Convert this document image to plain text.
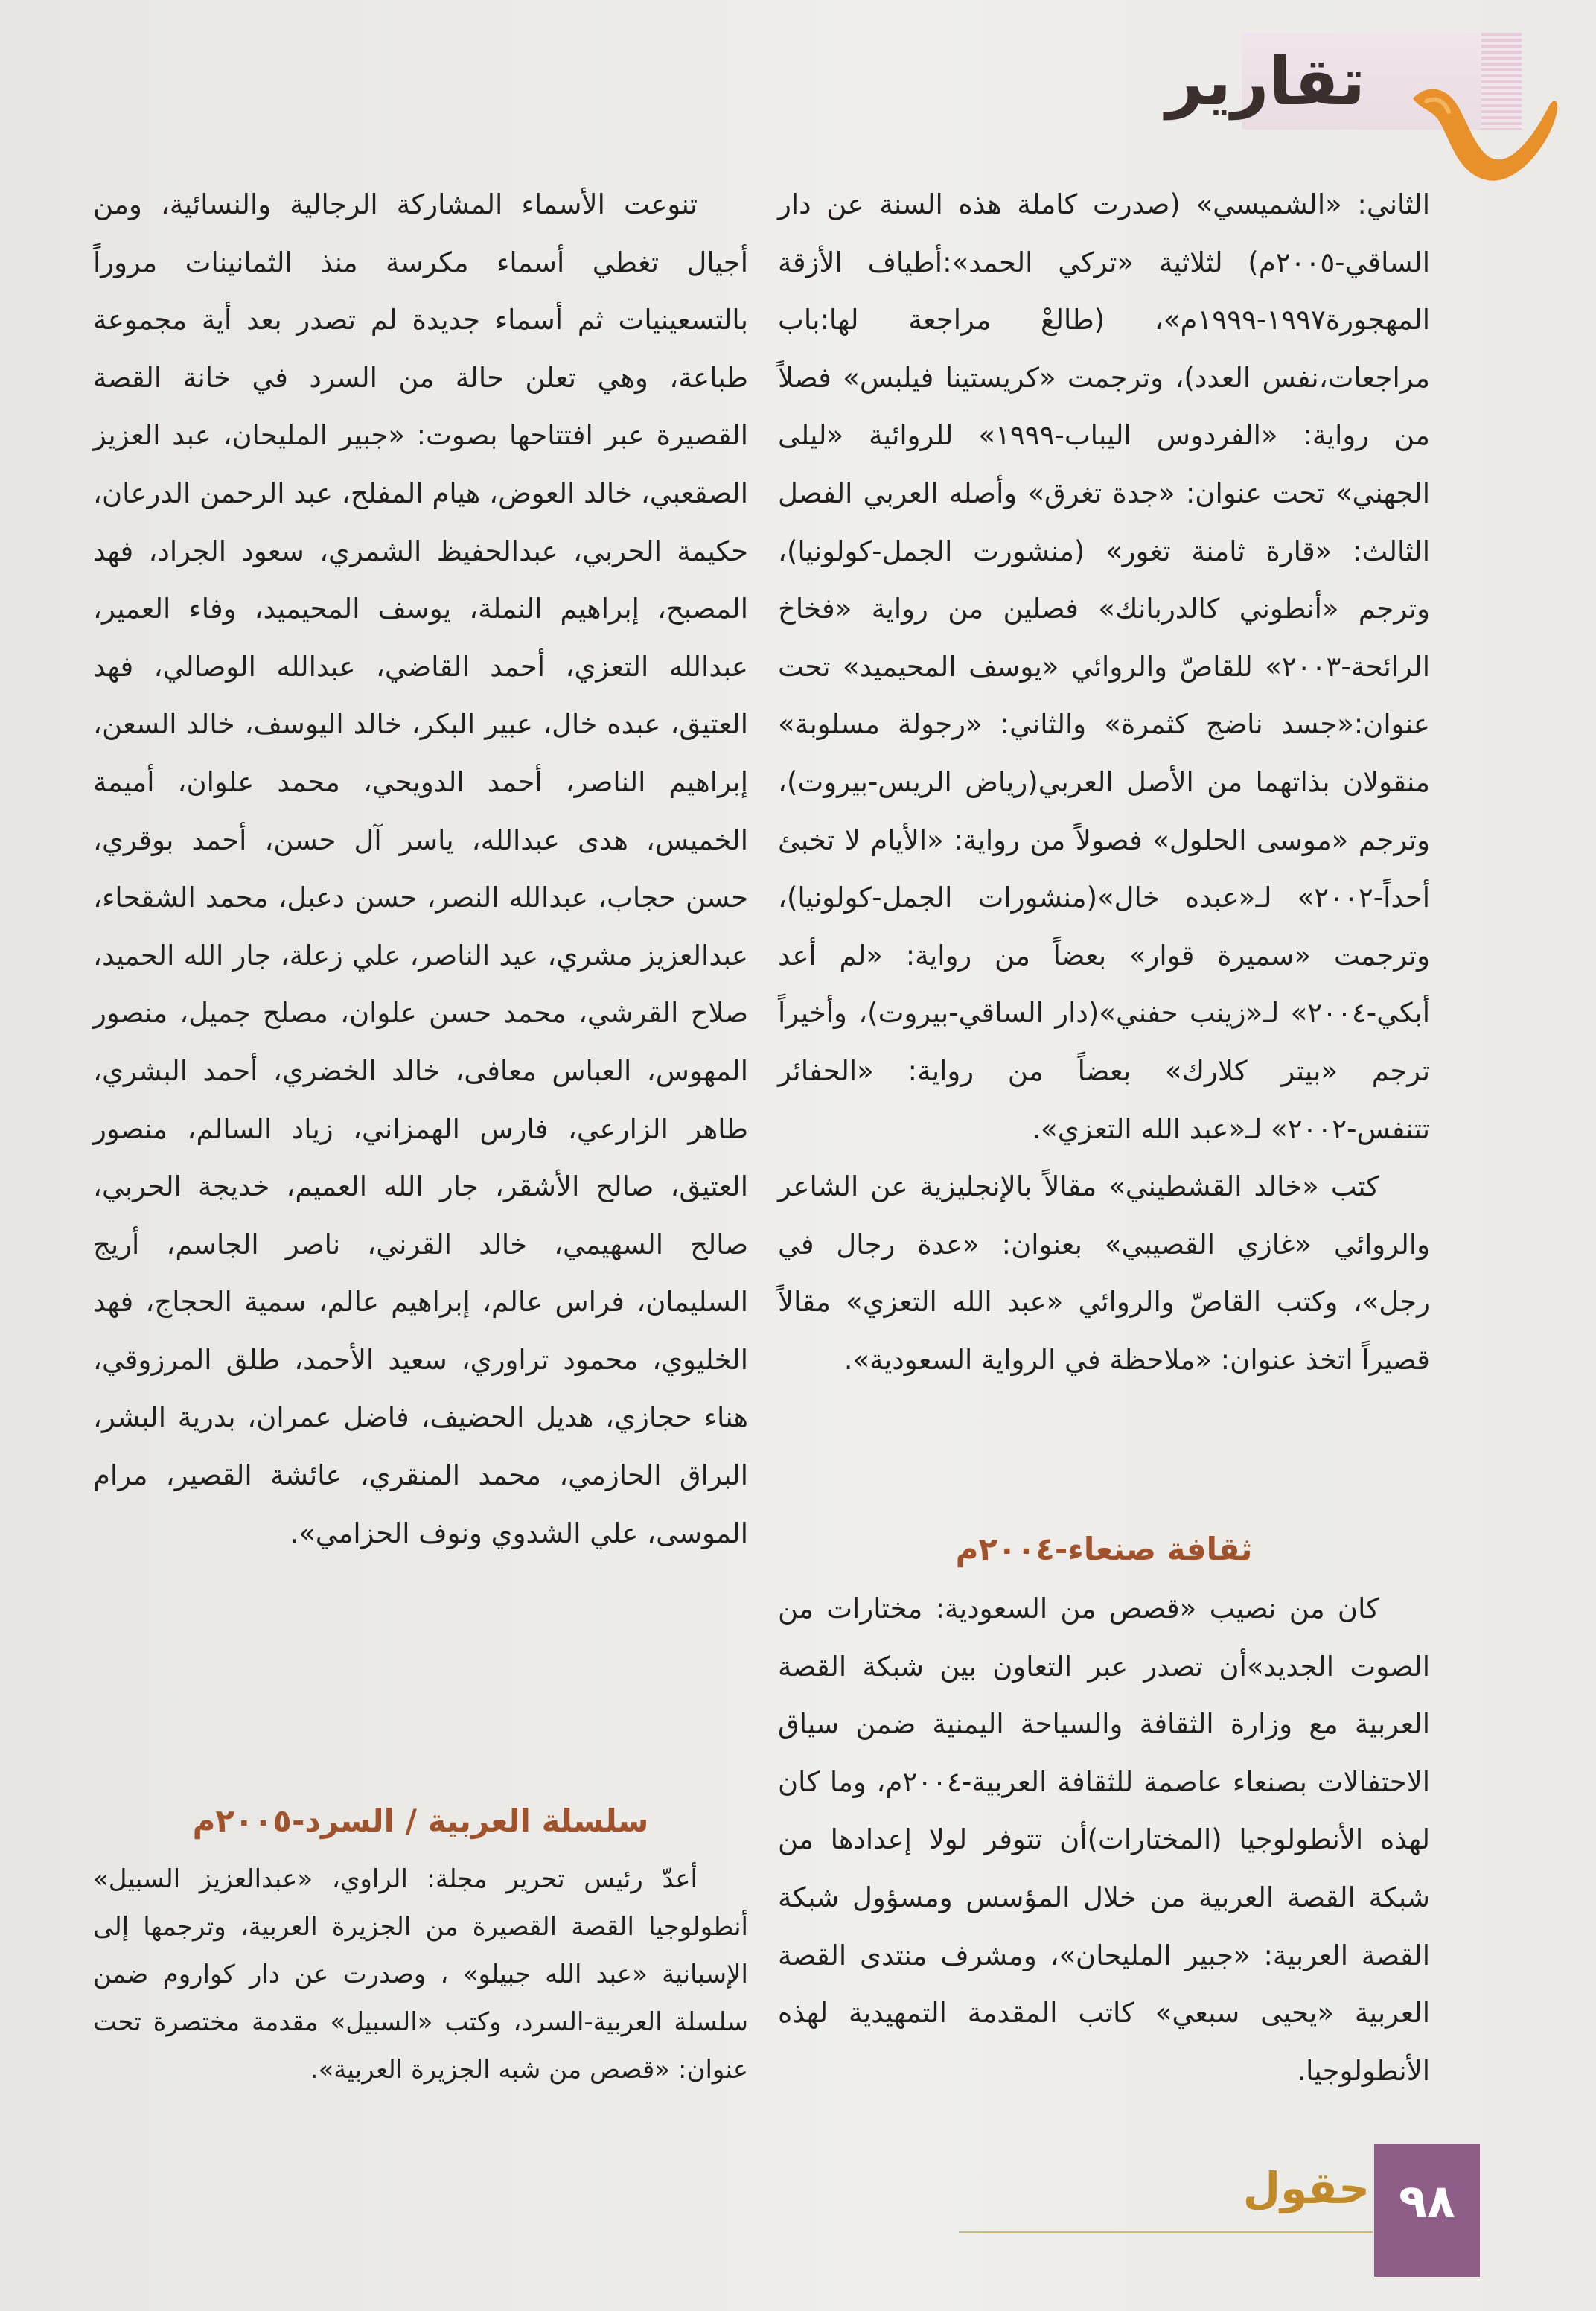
تقارير

الثاني: «الشميسي» (صدرت كاملة هذه السنة عن دار الساقي-٢٠٠٥م) لثلاثية «تركي الحمد»:أطياف الأزقة المهجورة١٩٩٧-١٩٩٩م»، (طالعْ مراجعة لها:باب مراجعات،نفس العدد)، وترجمت «كريستينا فيلبس» فصلاً من رواية: «الفردوس اليباب-١٩٩٩» للروائية «ليلى الجهني» تحت عنوان: «جدة تغرق» وأصله العربي الفصل الثالث: «قارة ثامنة تغور» (منشورت الجمل-كولونيا)، وترجم «أنطوني كالدربانك» فصلين من رواية «فخاخ الرائحة-٢٠٠٣» للقاصّ والروائي «يوسف المحيميد» تحت عنوان:«جسد ناضج كثمرة» والثاني: «رجولة مسلوبة» منقولان بذاتهما من الأصل العربي(رياض الريس-بيروت)، وترجم «موسى الحلول» فصولاً من رواية: «الأيام لا تخبئ أحداً-٢٠٠٢» لـ«عبده خال»(منشورات الجمل-كولونيا)، وترجمت «سميرة قوار» بعضاً من رواية: «لم أعد أبكي-٢٠٠٤» لـ«زينب حفني»(دار الساقي-بيروت)، وأخيراً ترجم «بيتر كلارك» بعضاً من رواية: «الحفائر تتنفس-٢٠٠٢» لـ«عبد الله التعزي».

كتب «خالد القشطيني» مقالاً بالإنجليزية عن الشاعر والروائي «غازي القصيبي» بعنوان: «عدة رجال في رجل»، وكتب القاصّ والروائي «عبد الله التعزي» مقالاً قصيراً اتخذ عنوان: «ملاحظة في الرواية السعودية».

ثقافة صنعاء-٢٠٠٤م

كان من نصيب «قصص من السعودية: مختارات من الصوت الجديد»أن تصدر عبر التعاون بين شبكة القصة العربية مع وزارة الثقافة والسياحة اليمنية ضمن سياق الاحتفالات بصنعاء عاصمة للثقافة العربية-٢٠٠٤م، وما كان لهذه الأنطولوجيا (المختارات)أن تتوفر لولا إعدادها من شبكة القصة العربية من خلال المؤسس ومسؤول شبكة القصة العربية: «جبير المليحان»، ومشرف منتدى القصة العربية «يحيى سبعي» كاتب المقدمة التمهيدية لهذه الأنطولوجيا.

تنوعت الأسماء المشاركة الرجالية والنسائية، ومن أجيال تغطي أسماء مكرسة منذ الثمانينات مروراً بالتسعينيات ثم أسماء جديدة لم تصدر بعد أية مجموعة طباعة، وهي تعلن حالة من السرد في خانة القصة القصيرة عبر افتتاحها بصوت: «جبير المليحان، عبد العزيز الصقعبي، خالد العوض، هيام المفلح، عبد الرحمن الدرعان، حكيمة الحربي، عبدالحفيظ الشمري، سعود الجراد، فهد المصبح، إبراهيم النملة، يوسف المحيميد، وفاء العمير، عبدالله التعزي، أحمد القاضي، عبدالله الوصالي، فهد العتيق، عبده خال، عبير البكر، خالد اليوسف، خالد السعن، إبراهيم الناصر، أحمد الدويحي، محمد علوان، أميمة الخميس، هدى عبدالله، ياسر آل حسن، أحمد بوقري، حسن حجاب، عبدالله النصر، حسن دعبل، محمد الشقحاء، عبدالعزيز مشري، عيد الناصر، علي زعلة، جار الله الحميد، صلاح القرشي، محمد حسن علوان، مصلح جميل، منصور المهوس، العباس معافى، خالد الخضري، أحمد البشري، طاهر الزارعي، فارس الهمزاني، زياد السالم، منصور العتيق، صالح الأشقر، جار الله العميم، خديجة الحربي، صالح السهيمي، خالد القرني، ناصر الجاسم، أريج السليمان، فراس عالم، إبراهيم عالم، سمية الحجاج، فهد الخليوي، محمود تراوري، سعيد الأحمد، طلق المرزوقي، هناء حجازي، هديل الحضيف، فاضل عمران، بدرية البشر، البراق الحازمي، محمد المنقري، عائشة القصير، مرام الموسى، علي الشدوي ونوف الحزامي».

سلسلة العربية / السرد-٢٠٠٥م

أعدّ رئيس تحرير مجلة: الراوي، «عبدالعزيز السبيل» أنطولوجيا القصة القصيرة من الجزيرة العربية، وترجمها إلى الإسبانية «عبد الله جبيلو» ، وصدرت عن دار كواروم ضمن سلسلة العربية-السرد، وكتب «السبيل» مقدمة مختصرة تحت عنوان: «قصص من شبه الجزيرة العربية».

حقول ٩٨
